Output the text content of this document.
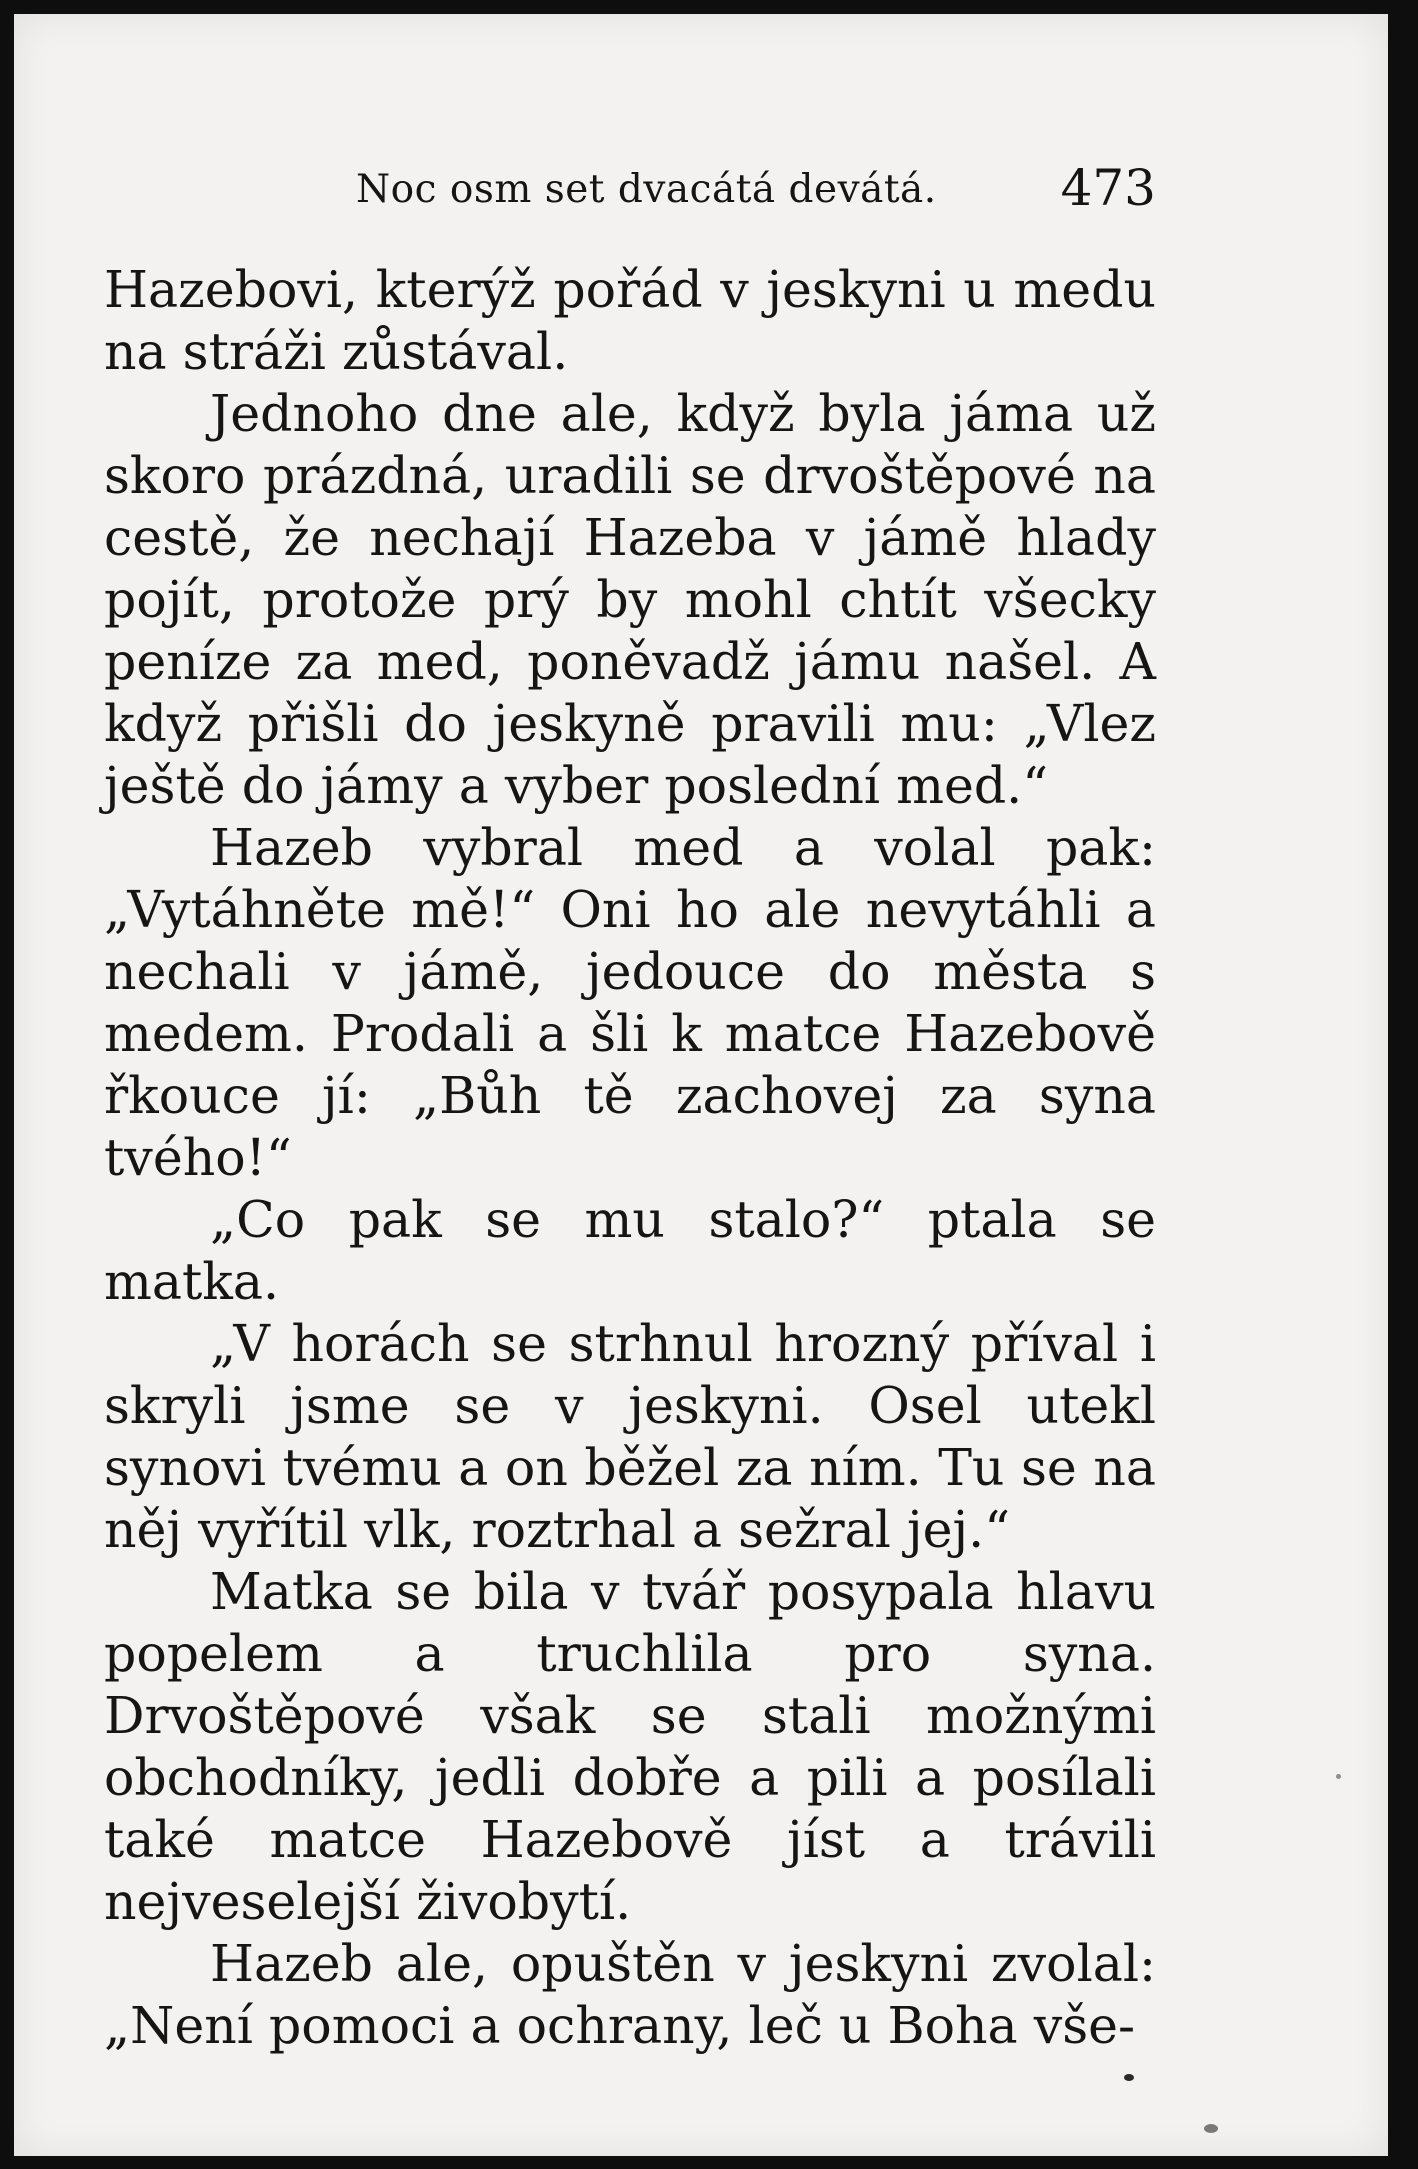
Noc osm set dvacátá devátá. 473

Hazebovi, kterýž pořád v jeskyni u medu na stráži zůstával.

Jednoho dne ale, když byla jáma už skoro prázdná, uradili se drvoštěpové na cestě, že nechají Hazeba v jámě hlady pojít, protože prý by mohl chtít všecky peníze za med, poněvadž jámu našel. A když přišli do jeskyně pravili mu: „Vlez ještě do jámy a vyber poslední med.“

Hazeb vybral med a volal pak: „Vytáhněte mě!“ Oni ho ale nevytáhli a nechali v jámě, jedouce do města s medem. Prodali a šli k matce Hazebově řkouce jí: „Bůh tě zachovej za syna tvého!“

„Co pak se mu stalo?“ ptala se matka.

„V horách se strhnul hrozný příval i skryli jsme se v jeskyni. Osel utekl synovi tvému a on běžel za ním. Tu se na něj vyřítil vlk, roztrhal a sežral jej.“

Matka se bila v tvář posypala hlavu popelem a truchlila pro syna. Drvoštěpové však se stali možnými obchodníky, jedli dobře a pili a posílali také matce Hazebově jíst a trávili nejveselejší živobytí.

Hazeb ale, opuštěn v jeskyni zvolal: „Není pomoci a ochrany, leč u Boha vše-
